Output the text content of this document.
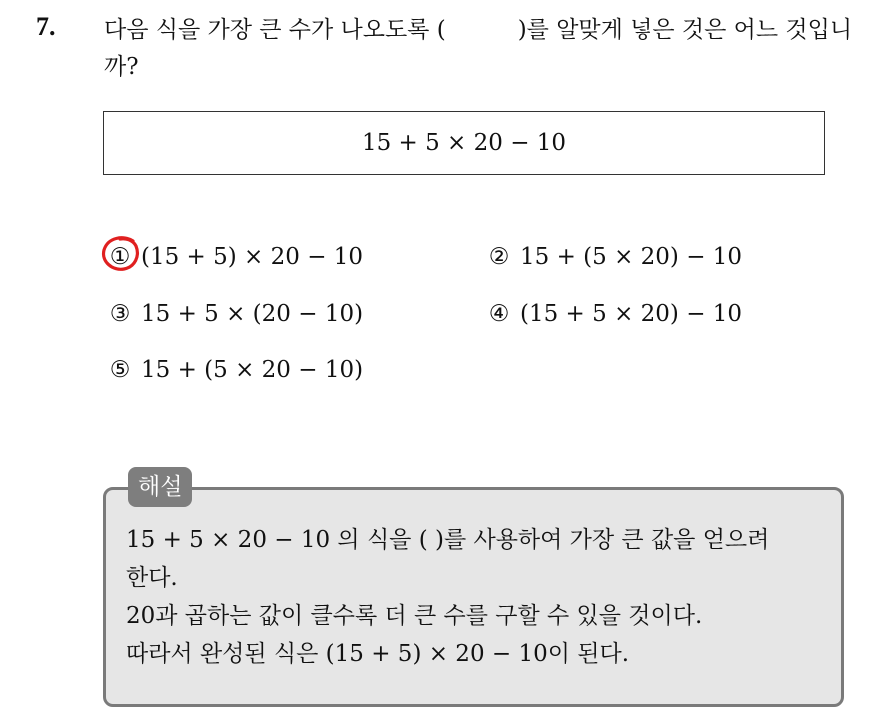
7. 다음 식을 가장 큰 수가 나오도록 (	)를 알맞게 넣은 것은 어느 것입니까?
15 + 5 × 20 − 10
① (15 + 5) × 20 − 10	② 15 + (5 × 20) − 10
③ 15 + 5 × (20 − 10)	④ (15 + 5 × 20) − 10
⑤ 15 + (5 × 20 − 10)
해설
15 + 5 × 20 − 10 의 식을 ( )를 사용하여 가장 큰 값을 얻으려
한다.
20과 곱하는 값이 클수록 더 큰 수를 구할 수 있을 것이다.
따라서 완성된 식은 (15 + 5) × 20 − 10이 된다.
